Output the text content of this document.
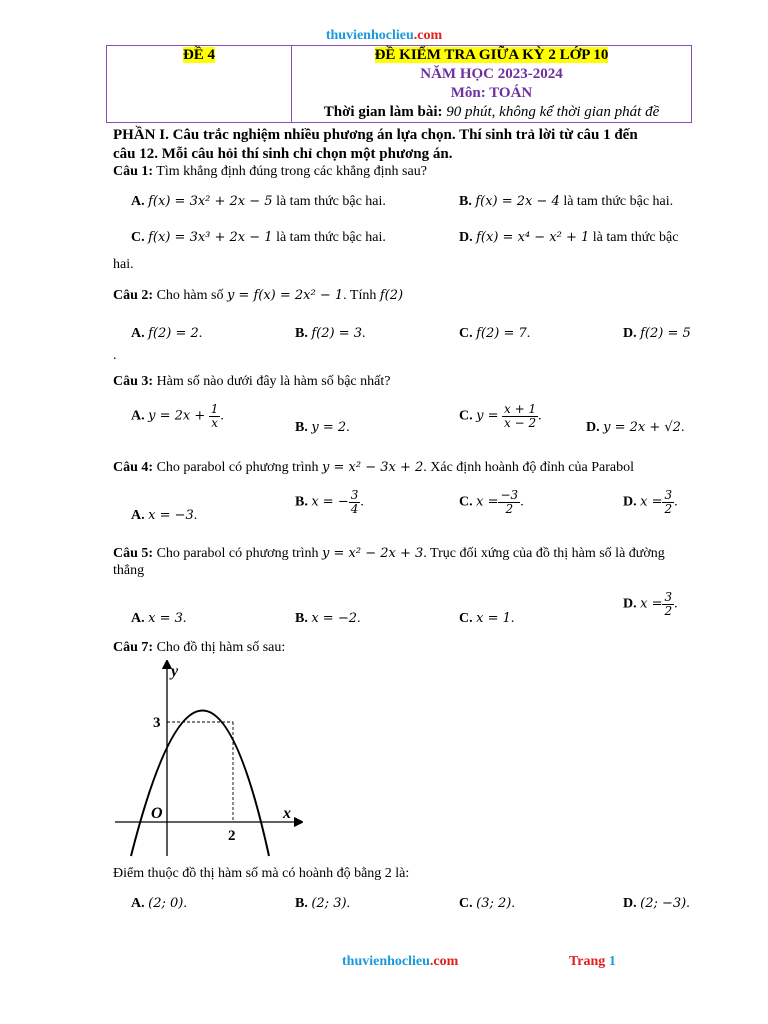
thuvienhoclieu.com
ĐỀ 4	ĐỀ KIỂM TRA GIỮA KỲ 2 LỚP 10
NĂM HỌC 2023-2024
Môn: TOÁN
Thời gian làm bài: 90 phút, không kể thời gian phát đề
PHẦN I. Câu trắc nghiệm nhiều phương án lựa chọn. Thí sinh trả lời từ câu 1 đến
câu 12. Mỗi câu hỏi thí sinh chỉ chọn một phương án.
Câu 1: Tìm khẳng định đúng trong các khẳng định sau?
A. f(x) = 3x² + 2x − 5 là tam thức bậc hai.	B. f(x) = 2x − 4 là tam thức bậc hai.
C. f(x) = 3x³ + 2x − 1 là tam thức bậc hai.	D. f(x) = x⁴ − x² + 1 là tam thức bậc
hai.
Câu 2: Cho hàm số y = f(x) = 2x² − 1. Tính f(2)
A. f(2) = 2.	B. f(2) = 3.	C. f(2) = 7.	D. f(2) = 5
.
Câu 3: Hàm số nào dưới đây là hàm số bậc nhất?
A. $y = 2x + \frac{1}{x}$ .
B. y = 2.
C. $y = \frac{x + 1}{x - 2}$ .
D. y = 2x + √2.
Câu 4: Cho parabol có phương trình y = x² − 3x + 2. Xác định hoành độ đỉnh của Parabol
A. x = −3.
B. x = − $\frac{3}{4}$ .	C. $x = \frac{-3}{2}$ .	D. $x = \frac{3}{2}$ .
Câu 5: Cho parabol có phương trình y = x² − 2x + 3. Trục đối xứng của đồ thị hàm số là đường
thẳng
A. x = 3.	B. x = −2.	C. x = 1.
D. $x = \frac{3}{2}$ .
Câu 7: Cho đồ thị hàm số sau:
y
x
O
3
2
Điểm thuộc đồ thị hàm số mà có hoành độ bằng 2 là:
A. (2; 0).	B. (2; 3).	C. (3; 2).	D. (2; −3).
thuvienhoclieu.com	Trang 1
